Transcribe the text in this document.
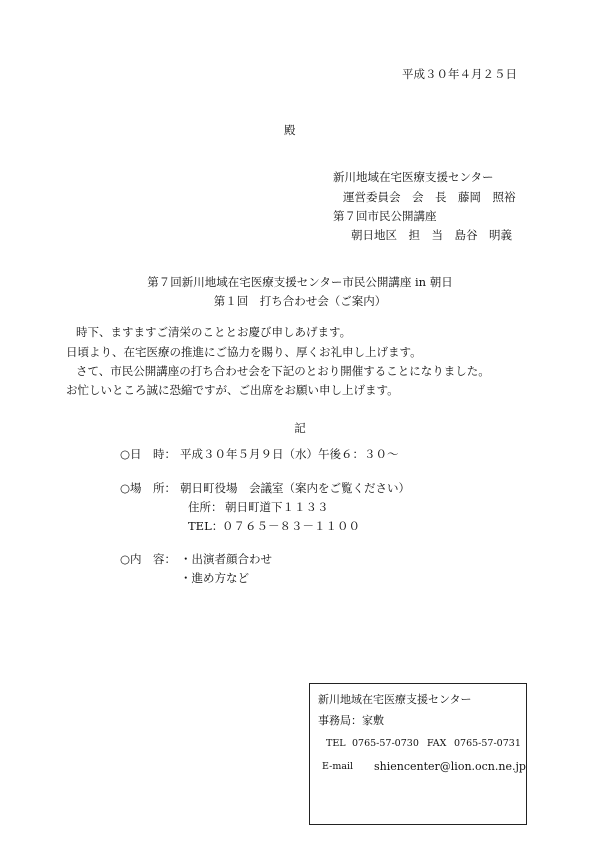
平成３０年４月２５日
殿
新川地域在宅医療支援センター
運営委員会　会　長　藤岡　照裕
第７回市民公開講座
朝日地区　担　当　島谷　明義
第７回新川地域在宅医療支援センター市民公開講座 in 朝日
第１回　打ち合わせ会（ご案内）
時下、ますますご清栄のこととお慶び申しあげます。
日頃より、在宅医療の推進にご協力を賜り、厚くお礼申し上げます。
さて、市民公開講座の打ち合わせ会を下記のとおり開催することになりました。
お忙しいところ誠に恐縮ですが、ご出席をお願い申し上げます。
記
○日　時： 平成３０年５月９日（水）午後６：３０～
○場　所： 朝日町役場　会議室（案内をご覧ください）
住所： 朝日町道下１１３３
TEL：
０７６５－８３－１１００
○内　容： ・出演者顔合わせ
・進め方など
新川地域在宅医療支援センター
事務局：家敷
TEL 0765-57-0730 FAX 0765-57-0731
E-mail shiencenter@lion.ocn.ne.jp
